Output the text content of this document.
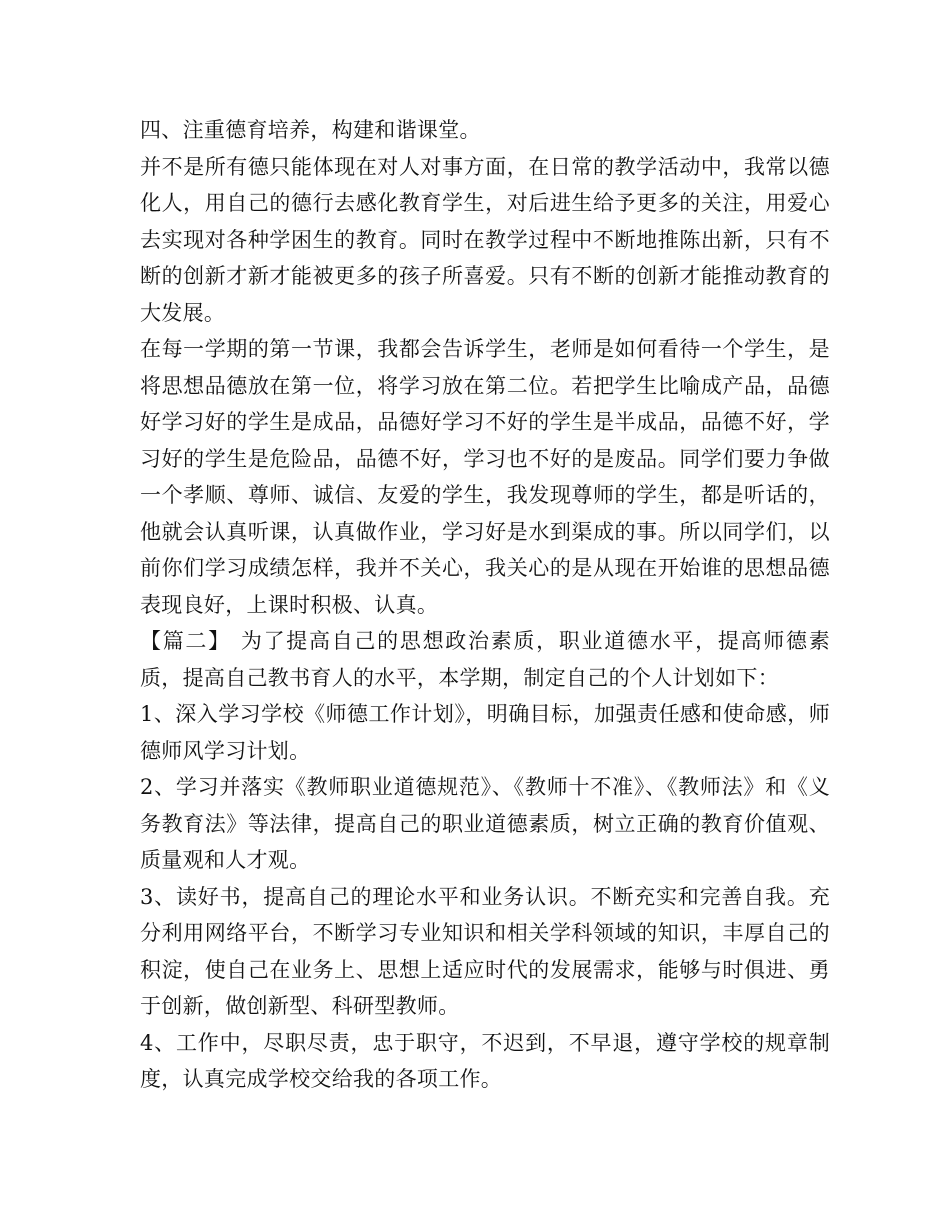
四、注重德育培养，构建和谐课堂。

并不是所有德只能体现在对人对事方面，在日常的教学活动中，我常以德化人，用自己的德行去感化教育学生，对后进生给予更多的关注，用爱心去实现对各种学困生的教育。同时在教学过程中不断地推陈出新，只有不断的创新才新才能被更多的孩子所喜爱。只有不断的创新才能推动教育的大发展。

在每一学期的第一节课，我都会告诉学生，老师是如何看待一个学生，是将思想品德放在第一位，将学习放在第二位。若把学生比喻成产品，品德好学习好的学生是成品，品德好学习不好的学生是半成品，品德不好，学习好的学生是危险品，品德不好，学习也不好的是废品。同学们要力争做一个孝顺、尊师、诚信、友爱的学生，我发现尊师的学生，都是听话的，他就会认真听课，认真做作业，学习好是水到渠成的事。所以同学们，以前你们学习成绩怎样，我并不关心，我关心的是从现在开始谁的思想品德表现良好，上课时积极、认真。

【篇二】 为了提高自己的思想政治素质，职业道德水平，提高师德素质，提高自己教书育人的水平，本学期，制定自己的个人计划如下：

1、深入学习学校《师德工作计划》，明确目标，加强责任感和使命感，师德师风学习计划。

2、学习并落实《教师职业道德规范》、《教师十不准》、《教师法》和《义务教育法》等法律，提高自己的职业道德素质，树立正确的教育价值观、质量观和人才观。

3、读好书，提高自己的理论水平和业务认识。不断充实和完善自我。充分利用网络平台，不断学习专业知识和相关学科领域的知识，丰厚自己的积淀，使自己在业务上、思想上适应时代的发展需求，能够与时俱进、勇于创新，做创新型、科研型教师。

4、工作中，尽职尽责，忠于职守，不迟到，不早退，遵守学校的规章制度，认真完成学校交给我的各项工作。
